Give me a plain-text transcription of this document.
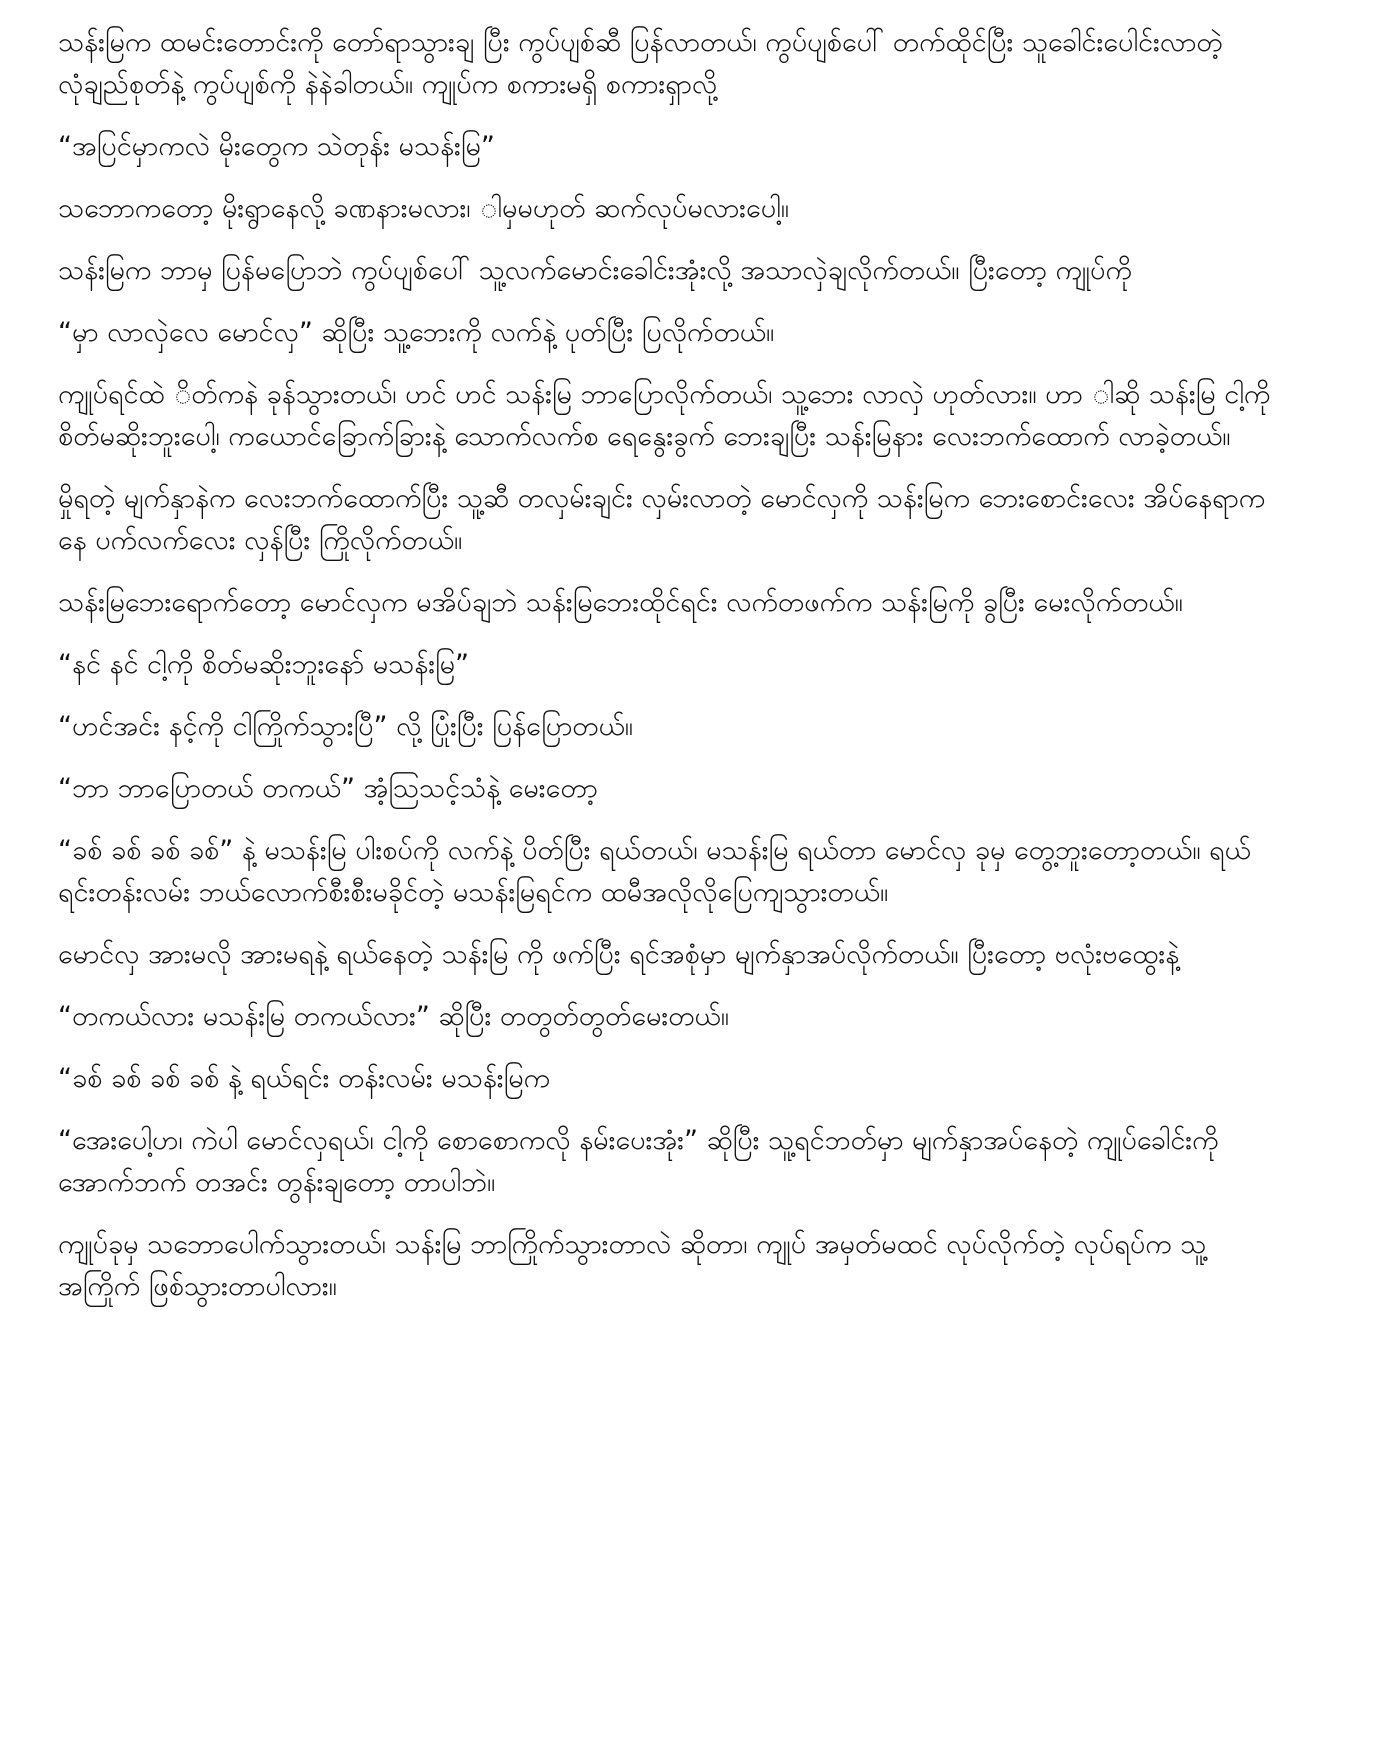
သန်းမြက ထမင်းတောင်းကို တော်ရာသွားချ ပြီး ကွပ်ပျစ်ဆီ ပြန်လာတယ်၊ ကွပ်ပျစ်ပေါ် တက်ထိုင်ပြီး သူခေါင်းပေါင်းလာတဲ့ လုံချည်စုတ်နဲ့ ကွပ်ပျစ်ကို နဲနဲခါတယ်။ ကျုပ်က စကားမရှိ စကားရှာလို့

“အပြင်မှာကလဲ မိုးတွေက သဲတုန်း မသန်းမြ”

သဘောကတော့ မိုးရွာနေလို့ ခဏနားမလား၊ ါမှမဟုတ် ဆက်လုပ်မလားပေါ့။

သန်းမြက ဘာမှ ပြန်မပြောဘဲ ကွပ်ပျစ်ပေါ် သူ့လက်မောင်းခေါင်းအုံးလို့ အသာလှဲချလိုက်တယ်။ ပြီးတော့ ကျုပ်ကို

“မှာ လာလှဲလေ မောင်လှ” ဆိုပြီး သူ့ဘေးကို လက်နဲ့ ပုတ်ပြီး ပြလိုက်တယ်။

ကျုပ်ရင်ထဲ ိတ်ကနဲ ခုန်သွားတယ်၊ ဟင် ဟင် သန်းမြ ဘာပြောလိုက်တယ်၊ သူ့ဘေး လာလှဲ ဟုတ်လား။ ဟာ ါဆို သန်းမြ ငါ့ကို စိတ်မဆိုးဘူးပေါ့၊ ကယောင်ခြောက်ခြားနဲ့ သောက်လက်စ ရေနွေးခွက် ဘေးချပြီး သန်းမြနား လေးဘက်ထောက် လာခဲ့တယ်။

မှိုရတဲ့ မျက်နှာနဲက လေးဘက်ထောက်ပြီး သူ့ဆီ တလှမ်းချင်း လှမ်းလာတဲ့ မောင်လှကို သန်းမြက ဘေးစောင်းလေး အိပ်နေရာကနေ ပက်လက်လေး လှန်ပြီး ကြိုလိုက်တယ်။

သန်းမြဘေးရောက်တော့ မောင်လှက မအိပ်ချဘဲ သန်းမြဘေးထိုင်ရင်း လက်တဖက်က သန်းမြကို ခွပြီး မေးလိုက်တယ်။

“နင် နင် ငါ့ကို စိတ်မဆိုးဘူးနော် မသန်းမြ”

“ဟင်အင်း နင့်ကို ငါကြိုက်သွားပြီ” လို့ ပြုံးပြီး ပြန်ပြောတယ်။

“ဘာ ဘာပြောတယ် တကယ်” အံ့သြသင့်သံနဲ့ မေးတော့

“ခစ် ခစ် ခစ် ခစ်” နဲ့ မသန်းမြ ပါးစပ်ကို လက်နဲ့ ပိတ်ပြီး ရယ်တယ်၊ မသန်းမြ ရယ်တာ မောင်လှ ခုမှ တွေ့ဘူးတော့တယ်။ ရယ်ရင်းတန်းလမ်း ဘယ်လောက်စီးစီးမခိုင်တဲ့ မသန်းမြရင်က ထမီအလိုလိုပြေကျသွားတယ်။

မောင်လှ အားမလို အားမရနဲ့ ရယ်နေတဲ့ သန်းမြ ကို ဖက်ပြီး ရင်အစုံမှာ မျက်နှာအပ်လိုက်တယ်။ ပြီးတော့ ဗလုံးဗထွေးနဲ့

“တကယ်လား မသန်းမြ တကယ်လား” ဆိုပြီး တတွတ်တွတ်မေးတယ်။

“ခစ် ခစ် ခစ် ခစ် နဲ့ ရယ်ရင်း တန်းလမ်း မသန်းမြက

“အေးပေါ့ဟ၊ ကဲပါ မောင်လှရယ်၊ ငါ့ကို စောစောကလို နမ်းပေးအုံး” ဆိုပြီး သူ့ရင်ဘတ်မှာ မျက်နှာအပ်နေတဲ့ ကျုပ်ခေါင်းကို အောက်ဘက် တအင်း တွန်းချတော့ တာပါဘဲ။

ကျုပ်ခုမှ သဘောပေါက်သွားတယ်၊ သန်းမြ ဘာကြိုက်သွားတာလဲ ဆိုတာ၊ ကျုပ် အမှတ်မထင် လုပ်လိုက်တဲ့ လုပ်ရပ်က သူ့အကြိုက် ဖြစ်သွားတာပါလား။
